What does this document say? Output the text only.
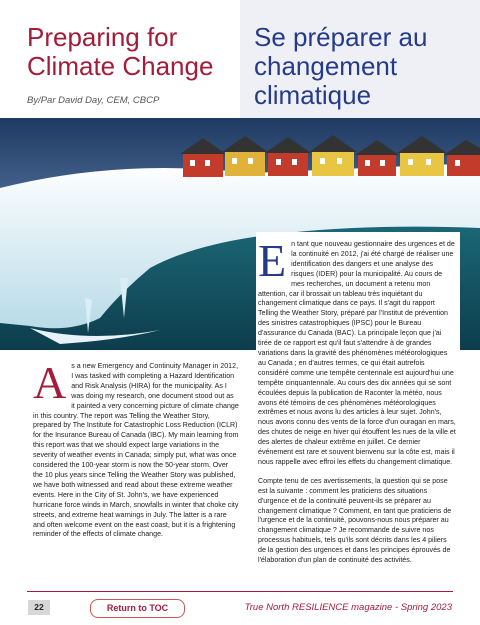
Preparing for Climate Change
Se préparer au changement climatique
By/Par David Day, CEM, CBCP

As a new Emergency and Continuity Manager in 2012, I was tasked with completing a Hazard Identification and Risk Analysis (HIRA) for the municipality. As I was doing my research, one document stood out as it painted a very concerning picture of climate change in this country. The report was Telling the Weather Story, prepared by The Institute for Catastrophic Loss Reduction (ICLR) for the Insurance Bureau of Canada (IBC). My main learning from this report was that we should expect large variations in the severity of weather events in Canada; simply put, what was once considered the 100-year storm is now the 50-year storm. Over the 10 plus years since Telling the Weather Story was published, we have both witnessed and read about these extreme weather events. Here in the City of St. John's, we have experienced hurricane force winds in March, snowfalls in winter that choke city streets, and extreme heat warnings in July. The latter is a rare and often welcome event on the east coast, but it is a frightening reminder of the effects of climate change.

En tant que nouveau gestionnaire des urgences et de la continuité en 2012, j'ai été chargé de réaliser une identification des dangers et une analyse des risques (IDER) pour la municipalité. Au cours de mes recherches, un document a retenu mon attention, car il brossait un tableau très inquiétant du changement climatique dans ce pays. Il s'agit du rapport Telling the Weather Story, préparé par l'Institut de prévention des sinistres catastrophiques (IPSC) pour le Bureau d'assurance du Canada (BAC). La principale leçon que j'ai tirée de ce rapport est qu'il faut s'attendre à de grandes variations dans la gravité des phénomènes météorologiques au Canada ; en d'autres termes, ce qui était autrefois considéré comme une tempête centennale est aujourd'hui une tempête cinquantennale. Au cours des dix années qui se sont écoulées depuis la publication de Raconter la météo, nous avons été témoins de ces phénomènes météorologiques extrêmes et nous avons lu des articles à leur sujet. John's, nous avons connu des vents de la force d'un ouragan en mars, des chutes de neige en hiver qui étouffent les rues de la ville et des alertes de chaleur extrême en juillet. Ce dernier événement est rare et souvent bienvenu sur la côte est, mais il nous rappelle avec effroi les effets du changement climatique.

Compte tenu de ces avertissements, la question qui se pose est la suivante : comment les praticiens des situations d'urgence et de la continuité peuvent-ils se préparer au changement climatique ? Comment, en tant que praticiens de l'urgence et de la continuité, pouvons-nous nous préparer au changement climatique ? Je recommande de suivre nos processus habituels, tels qu'ils sont décrits dans les 4 piliers de la gestion des urgences et dans les principes éprouvés de l'élaboration d'un plan de continuité des activités.

22	Return to TOC	True North RESILIENCE magazine - Spring 2023
